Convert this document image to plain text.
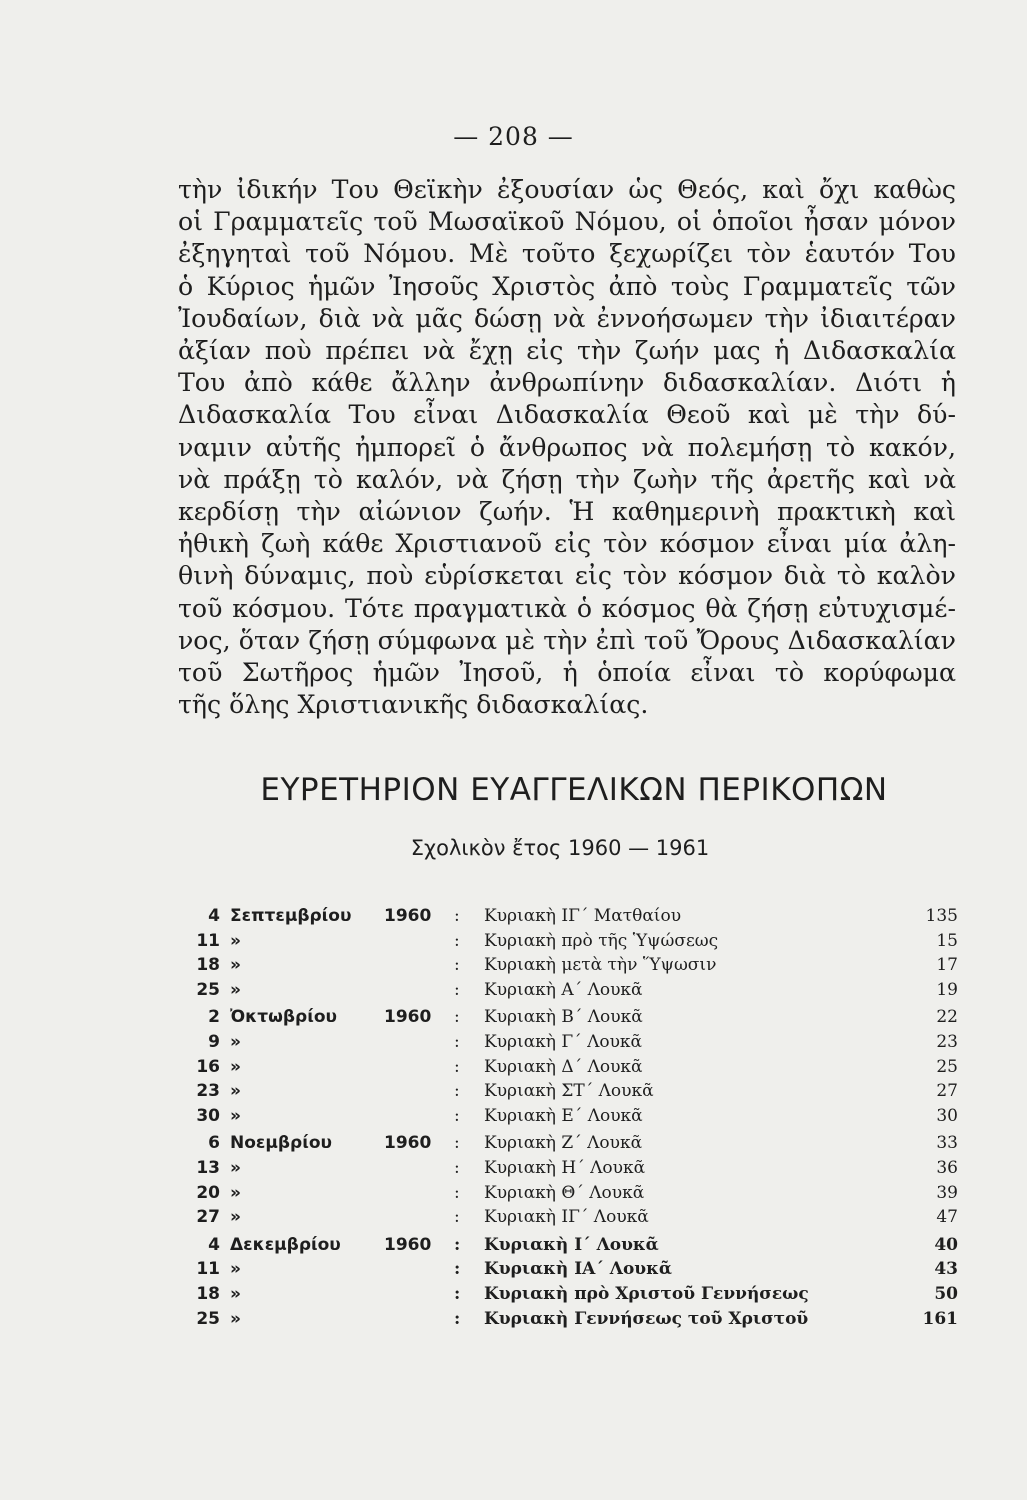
— 208 —
τὴν ἰδικήν Του Θεϊκὴν ἐξουσίαν ὡς Θεός, καὶ ὄχι καθὼς
οἱ Γραμματεῖς τοῦ Μωσαϊκοῦ Νόμου, οἱ ὁποῖοι ἦσαν μόνον
ἐξηγηταὶ τοῦ Νόμου. Μὲ τοῦτο ξεχωρίζει τὸν ἑαυτόν Του
ὁ Κύριος ἡμῶν Ἰησοῦς Χριστὸς ἀπὸ τοὺς Γραμματεῖς τῶν
Ἰουδαίων, διὰ νὰ μᾶς δώσῃ νὰ ἐννοήσωμεν τὴν ἰδιαιτέραν
ἀξίαν ποὺ πρέπει νὰ ἔχῃ εἰς τὴν ζωήν μας ἡ Διδασκαλία
Του ἀπὸ κάθε ἄλλην ἀνθρωπίνην διδασκαλίαν. Διότι ἡ
Διδασκαλία Του εἶναι Διδασκαλία Θεοῦ καὶ μὲ τὴν δύ-
ναμιν αὐτῆς ἠμπορεῖ ὁ ἄνθρωπος νὰ πολεμήσῃ τὸ κακόν,
νὰ πράξῃ τὸ καλόν, νὰ ζήσῃ τὴν ζωὴν τῆς ἀρετῆς καὶ νὰ
κερδίσῃ τὴν αἰώνιον ζωήν. Ἡ καθημερινὴ πρακτικὴ καὶ
ἠθικὴ ζωὴ κάθε Χριστιανοῦ εἰς τὸν κόσμον εἶναι μία ἀλη-
θινὴ δύναμις, ποὺ εὑρίσκεται εἰς τὸν κόσμον διὰ τὸ καλὸν
τοῦ κόσμου. Τότε πραγματικὰ ὁ κόσμος θὰ ζήσῃ εὐτυχισμέ-
νος, ὅταν ζήσῃ σύμφωνα μὲ τὴν ἐπὶ τοῦ Ὄρους Διδασκαλίαν
τοῦ Σωτῆρος ἡμῶν Ἰησοῦ, ἡ ὁποία εἶναι τὸ κορύφωμα
τῆς ὅλης Χριστιανικῆς διδασκαλίας.
ΕΥΡΕΤΗΡΙΟΝ ΕΥΑΓΓΕΛΙΚΩΝ ΠΕΡΙΚΟΠΩΝ
Σχολικὸν ἔτος 1960 — 1961
4 Σεπτεμβρίου 1960 : Κυριακὴ ΙΓ΄ Ματθαίου	135
11 »	: Κυριακὴ πρὸ τῆς Ὑψώσεως	15
18 »	: Κυριακὴ μετὰ τὴν Ὕψωσιν	17
25 »	: Κυριακὴ Α΄ Λουκᾶ	19
2 Ὀκτωβρίου	1960 : Κυριακὴ Β΄ Λουκᾶ	22
9 »	: Κυριακὴ Γ΄ Λουκᾶ	23
16 »	: Κυριακὴ Δ΄ Λουκᾶ	25
23 »	: Κυριακὴ ΣΤ΄ Λουκᾶ	27
30 »	: Κυριακὴ Ε΄ Λουκᾶ	30
6 Νοεμβρίου	1960 : Κυριακὴ Ζ΄ Λουκᾶ	33
13 »	: Κυριακὴ Η΄ Λουκᾶ	36
20 »	: Κυριακὴ Θ΄ Λουκᾶ	39
27 »	: Κυριακὴ ΙΓ΄ Λουκᾶ	47
4 Δεκεμβρίου	1960 : Κυριακὴ Ι΄ Λουκᾶ	40
11 »	: Κυριακὴ ΙΑ΄ Λουκᾶ	43
18 »	: Κυριακὴ πρὸ Χριστοῦ Γεννήσεως	50
25 »	: Κυριακὴ Γεννήσεως τοῦ Χριστοῦ	161
